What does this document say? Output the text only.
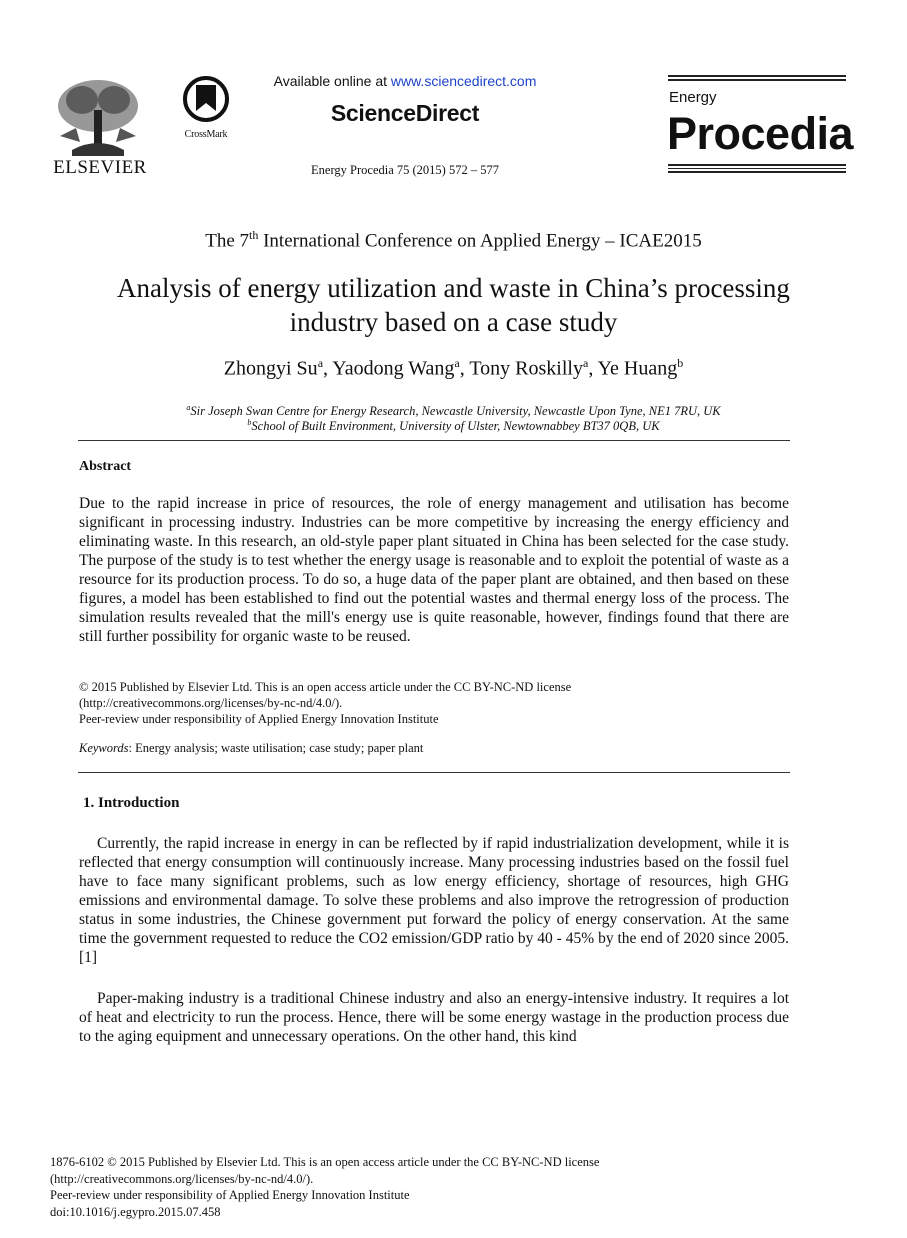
ELSEVIER
CrossMark
Available online at www.sciencedirect.com
ScienceDirect
Energy Procedia 75 (2015) 572 – 577
Energy
Procedia
The 7th International Conference on Applied Energy – ICAE2015
Analysis of energy utilization and waste in China’s processing
industry based on a case study
Zhongyi Su$^a$, Yaodong Wang$^a$, Tony Roskilly$^a$, Ye Huang$^b$
$^a$Sir Joseph Swan Centre for Energy Research, Newcastle University, Newcastle Upon Tyne, NE1 7RU, UK
$^b$School of Built Environment, University of Ulster, Newtownabbey BT37 0QB, UK
Abstract
Due to the rapid increase in price of resources, the role of energy management and utilisation has become significant in processing industry. Industries can be more competitive by increasing the energy efficiency and eliminating waste. In this research, an old-style paper plant situated in China has been selected for the case study. The purpose of the study is to test whether the energy usage is reasonable and to exploit the potential of waste as a resource for its production process. To do so, a huge data of the paper plant are obtained, and then based on these figures, a model has been established to find out the potential wastes and thermal energy loss of the process. The simulation results revealed that the mill's energy use is quite reasonable, however, findings found that there are still further possibility for organic waste to be reused.
© 2015 Published by Elsevier Ltd. This is an open access article under the CC BY-NC-ND license
(http://creativecommons.org/licenses/by-nc-nd/4.0/).
Peer-review under responsibility of Applied Energy Innovation Institute
Keywords: Energy analysis; waste utilisation; case study; paper plant
1. Introduction
Currently, the rapid increase in energy in can be reflected by if rapid industrialization development, while it is reflected that energy consumption will continuously increase. Many processing industries based on the fossil fuel have to face many significant problems, such as low energy efficiency, shortage of resources, high GHG emissions and environmental damage. To solve these problems and also improve the retrogression of production status in some industries, the Chinese government put forward the policy of energy conservation. At the same time the government requested to reduce the CO2 emission/GDP ratio by 40 ‑ 45% by the end of 2020 since 2005.[1]
Paper-making industry is a traditional Chinese industry and also an energy-intensive industry. It requires a lot of heat and electricity to run the process. Hence, there will be some energy wastage in the production process due to the aging equipment and unnecessary operations. On the other hand, this kind
1876-6102 © 2015 Published by Elsevier Ltd. This is an open access article under the CC BY-NC-ND license
(http://creativecommons.org/licenses/by-nc-nd/4.0/).
Peer-review under responsibility of Applied Energy Innovation Institute
doi:10.1016/j.egypro.2015.07.458
